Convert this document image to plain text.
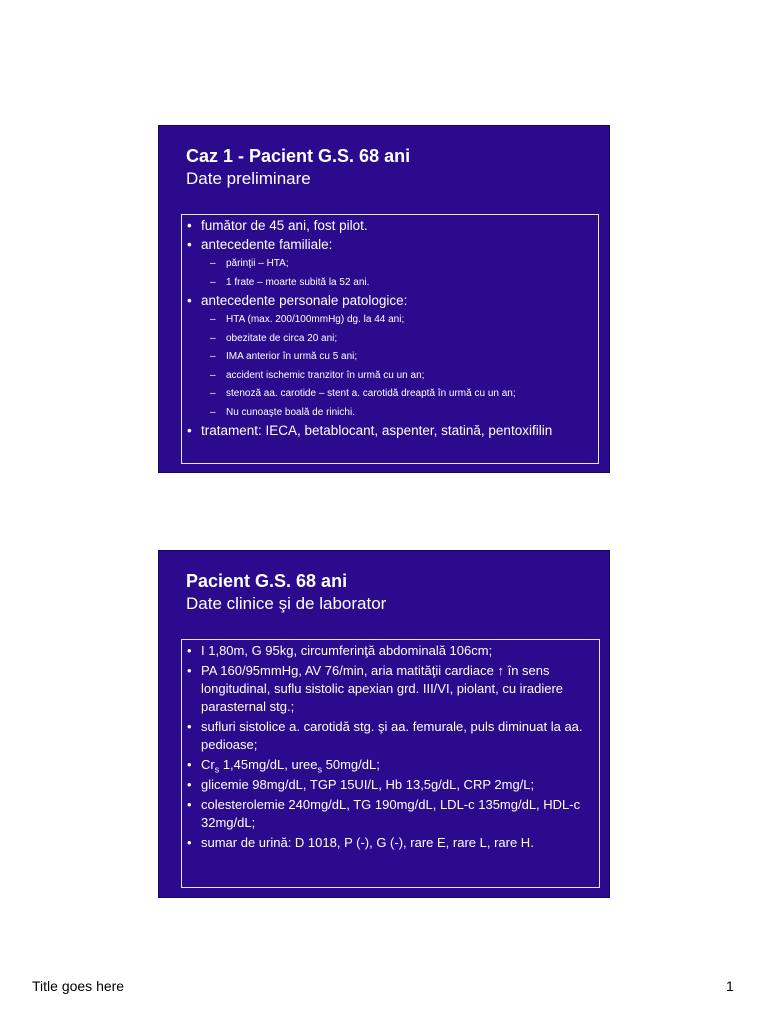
Caz 1 - Pacient G.S. 68 ani
Date preliminare
• fumător de 45 ani, fost pilot.
• antecedente familiale:
– părinţii – HTA;
– 1 frate – moarte subită la 52 ani.
• antecedente personale patologice:
– HTA (max. 200/100mmHg) dg. la 44 ani;
– obezitate de circa 20 ani;
– IMA anterior în urmă cu 5 ani;
– accident ischemic tranzitor în urmă cu un an;
– stenoză aa. carotide – stent a. carotidă dreaptă în urmă cu un an;
– Nu cunoaşte boală de rinichi.
• tratament: IECA, betablocant, aspenter, statină, pentoxifilin
Pacient G.S. 68 ani
Date clinice şi de laborator
• I 1,80m, G 95kg, circumferinţă abdominală 106cm;
• PA 160/95mmHg, AV 76/min, aria matităţii cardiace ↑ în sens longitudinal, suflu sistolic apexian grd. III/VI, piolant, cu iradiere parasternal stg.;
• sufluri sistolice a. carotidă stg. şi aa. femurale, puls diminuat la aa. pedioase;
• $Cr_s$ 1,45mg/dL, uree$_s$ 50mg/dL;
• glicemie 98mg/dL, TGP 15UI/L, Hb 13,5g/dL, CRP 2mg/L;
• colesterolemie 240mg/dL, TG 190mg/dL, LDL-c 135mg/dL, HDL-c 32mg/dL;
• sumar de urină: D 1018, P (-), G (-), rare E, rare L, rare H.
Title goes here	1
